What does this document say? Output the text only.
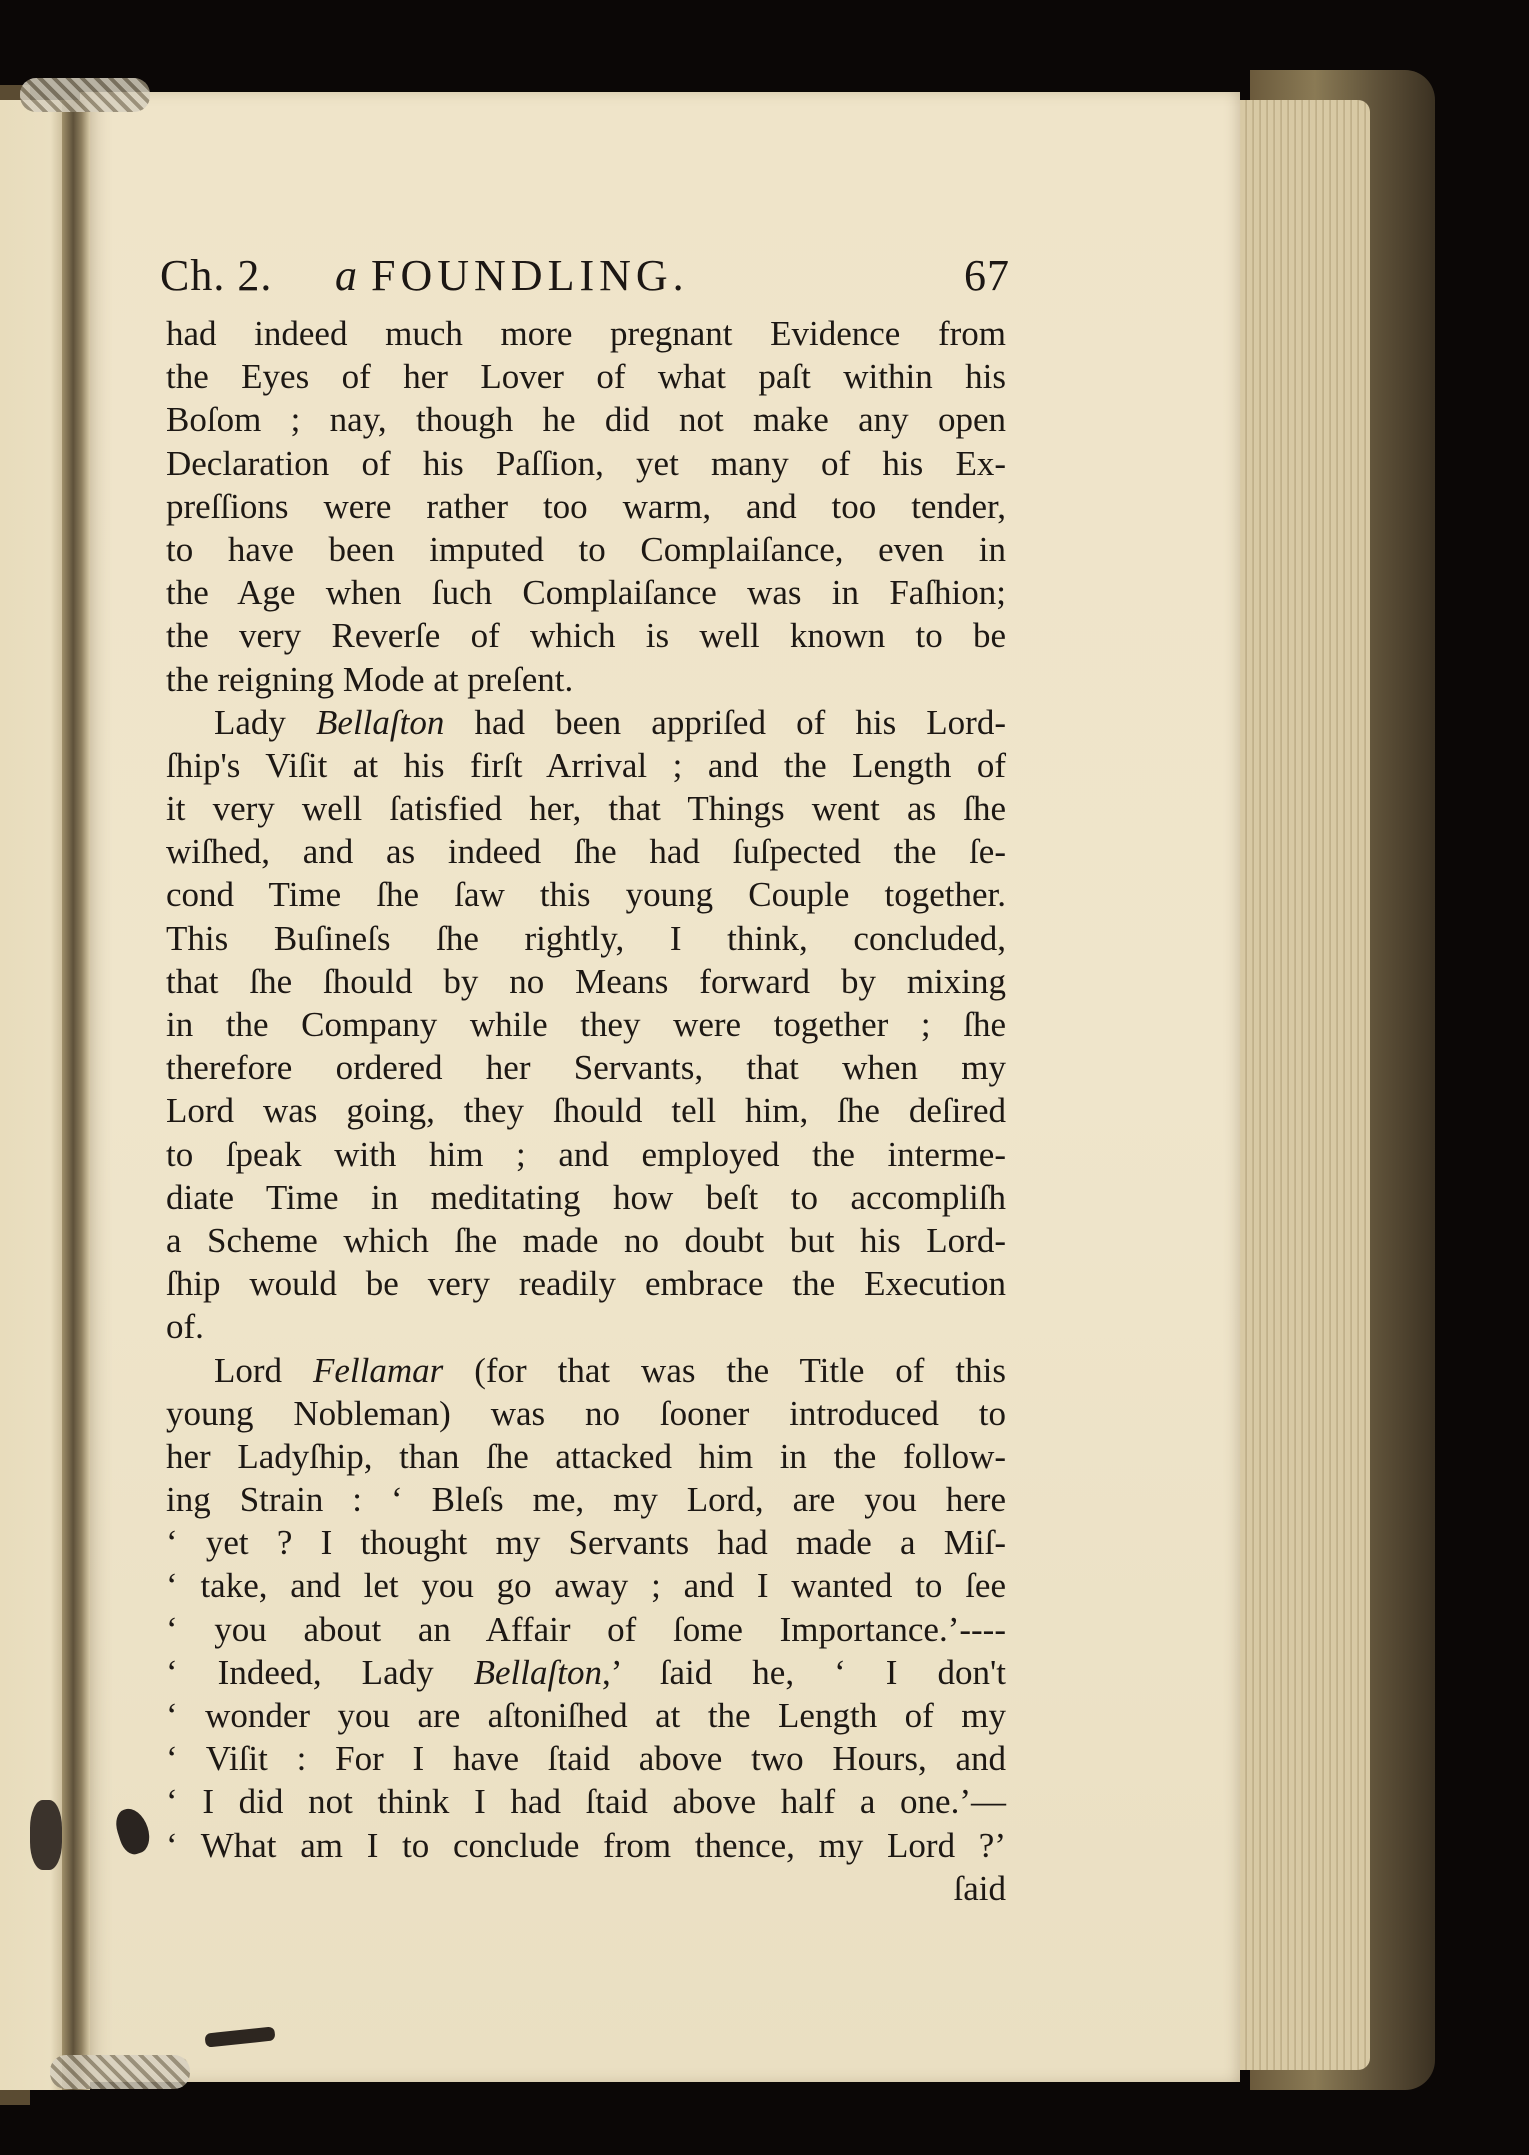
Ch. 2. a FOUNDLING.	67
had indeed much more pregnant Evidence from
the Eyes of her Lover of what paſt within his
Boſom ; nay, though he did not make any open
Declaration of his Paſſion, yet many of his Ex-
preſſions were rather too warm, and too tender,
to have been imputed to Complaiſance, even in
the Age when ſuch Complaiſance was in Faſhion;
the very Reverſe of which is well known to be
the reigning Mode at preſent.
Lady Bellaſton had been appriſed of his Lord-
ſhip's Viſit at his firſt Arrival ; and the Length of
it very well ſatisfied her, that Things went as ſhe
wiſhed, and as indeed ſhe had ſuſpected the ſe-
cond Time ſhe ſaw this young Couple together.
This Buſineſs ſhe rightly, I think, concluded,
that ſhe ſhould by no Means forward by mixing
in the Company while they were together ; ſhe
therefore ordered her Servants, that when my
Lord was going, they ſhould tell him, ſhe deſired
to ſpeak with him ; and employed the interme-
diate Time in meditating how beſt to accompliſh
a Scheme which ſhe made no doubt but his Lord-
ſhip would be very readily embrace the Execution
of.
Lord Fellamar (for that was the Title of this
young Nobleman) was no ſooner introduced to
her Ladyſhip, than ſhe attacked him in the follow-
ing Strain : ‘ Bleſs me, my Lord, are you here
‘ yet ? I thought my Servants had made a Miſ-
‘ take, and let you go away ; and I wanted to ſee
‘ you about an Affair of ſome Importance.’----
‘ Indeed, Lady Bellaſton,’ ſaid he, ‘ I don't
‘ wonder you are aſtoniſhed at the Length of my
‘ Viſit : For I have ſtaid above two Hours, and
‘ I did not think I had ſtaid above half a one.’—
‘ What am I to conclude from thence, my Lord ?’
ſaid
